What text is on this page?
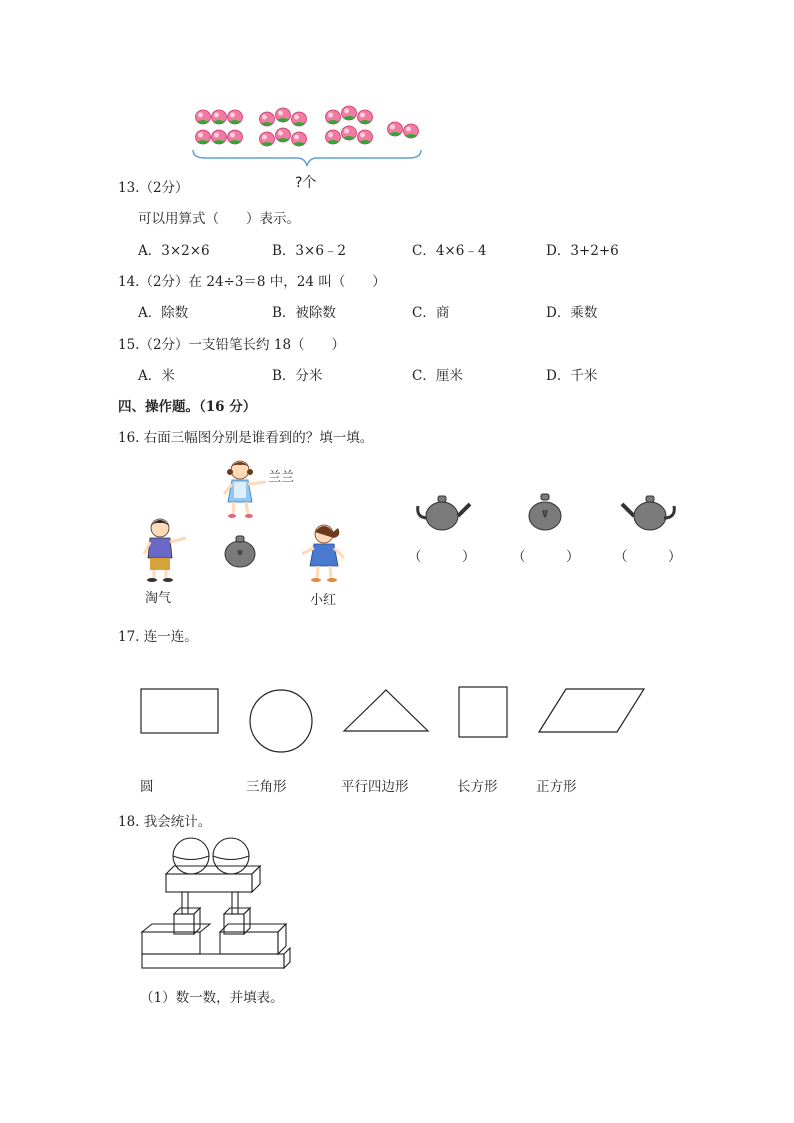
?个
13.（2分）
可以用算式（　　）表示。
A．3×2×6	B．3×6﹣2	C．4×6﹣4	D．3+2+6
14.（2分）在 24÷3＝8 中，24 叫（　　）
A．除数	B．被除数	C．商	D．乘数
15.（2分）一支铅笔长约 18（　　）
A．米	B．分米	C．厘米	D．千米
四、操作题。（16 分）
16. 右面三幅图分别是谁看到的？填一填。
兰兰
淘气	小红
（　　　）	（　　　）	（　　　）
17. 连一连。
圆	三角形	平行四边形	长方形	正方形
18. 我会统计。
（1）数一数，并填表。
